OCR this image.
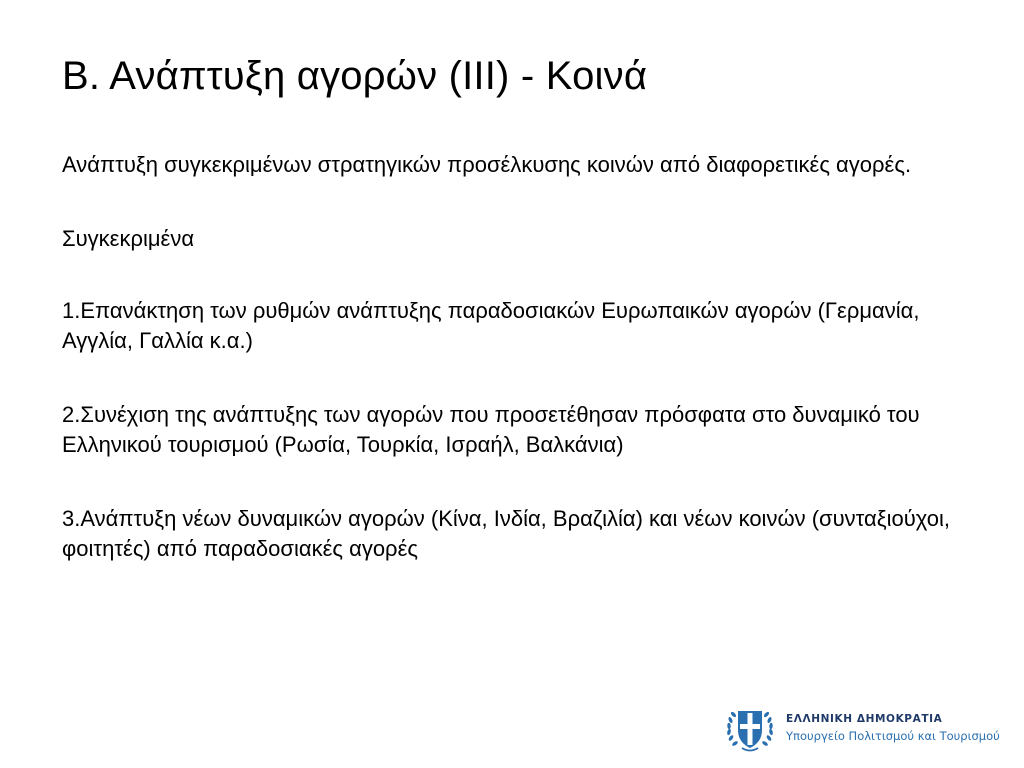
Β. Ανάπτυξη αγορών (ΙΙΙ) - Κοινά

Ανάπτυξη συγκεκριμένων στρατηγικών προσέλκυσης κοινών από διαφορετικές αγορές.

Συγκεκριμένα

1.Επανάκτηση των ρυθμών ανάπτυξης παραδοσιακών Ευρωπαικών αγορών (Γερμανία, Αγγλία, Γαλλία κ.α.)

2.Συνέχιση της ανάπτυξης των αγορών που προσετέθησαν πρόσφατα στο δυναμικό του Ελληνικού τουρισμού (Ρωσία, Τουρκία, Ισραήλ, Βαλκάνια)

3.Ανάπτυξη νέων δυναμικών αγορών (Κίνα, Ινδία, Βραζιλία) και νέων κοινών (συνταξιούχοι, φοιτητές) από παραδοσιακές αγορές

ΕΛΛΗΝΙΚΗ ΔΗΜΟΚΡΑΤΙΑ
Υπουργείο Πολιτισμού και Τουρισμού
